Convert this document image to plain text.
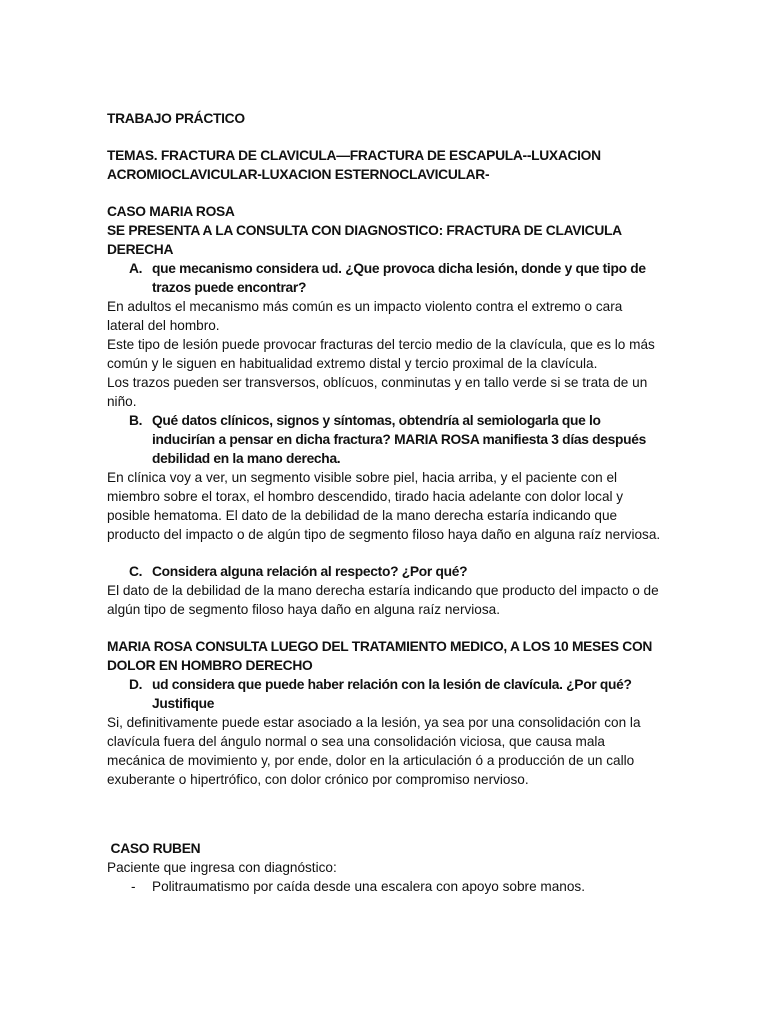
TRABAJO PRÁCTICO

TEMAS. FRACTURA DE CLAVICULA—FRACTURA DE ESCAPULA--LUXACION ACROMIOCLAVICULAR-LUXACION ESTERNOCLAVICULAR-

CASO MARIA ROSA

SE PRESENTA A LA CONSULTA CON DIAGNOSTICO: FRACTURA DE CLAVICULA DERECHA

A. que mecanismo considera ud. ¿Que provoca dicha lesión, donde y que tipo de trazos puede encontrar?

En adultos el mecanismo más común es un impacto violento contra el extremo o cara lateral del hombro.

Este tipo de lesión puede provocar fracturas del tercio medio de la clavícula, que es lo más común y le siguen en habitualidad extremo distal y tercio proximal de la clavícula.

Los trazos pueden ser transversos, oblícuos, conminutas y en tallo verde si se trata de un niño.

B. Qué datos clínicos, signos y síntomas, obtendría al semiologarla que lo inducirían a pensar en dicha fractura? MARIA ROSA manifiesta 3 días después debilidad en la mano derecha.

En clínica voy a ver, un segmento visible sobre piel, hacia arriba, y el paciente con el miembro sobre el torax, el hombro descendido, tirado hacia adelante con dolor local y posible hematoma. El dato de la debilidad de la mano derecha estaría indicando que producto del impacto o de algún tipo de segmento filoso haya daño en alguna raíz nerviosa.

C. Considera alguna relación al respecto? ¿Por qué?

El dato de la debilidad de la mano derecha estaría indicando que producto del impacto o de algún tipo de segmento filoso haya daño en alguna raíz nerviosa.

MARIA ROSA CONSULTA LUEGO DEL TRATAMIENTO MEDICO, A LOS 10 MESES CON DOLOR EN HOMBRO DERECHO

D. ud considera que puede haber relación con la lesión de clavícula. ¿Por qué? Justifique

Si, definitivamente puede estar asociado a la lesión, ya sea por una consolidación con la clavícula fuera del ángulo normal o sea una consolidación viciosa, que causa mala mecánica de movimiento y, por ende, dolor en la articulación ó a producción de un callo exuberante o hipertrófico, con dolor crónico por compromiso nervioso.

CASO RUBEN

Paciente que ingresa con diagnóstico:

- Politraumatismo por caída desde una escalera con apoyo sobre manos.
